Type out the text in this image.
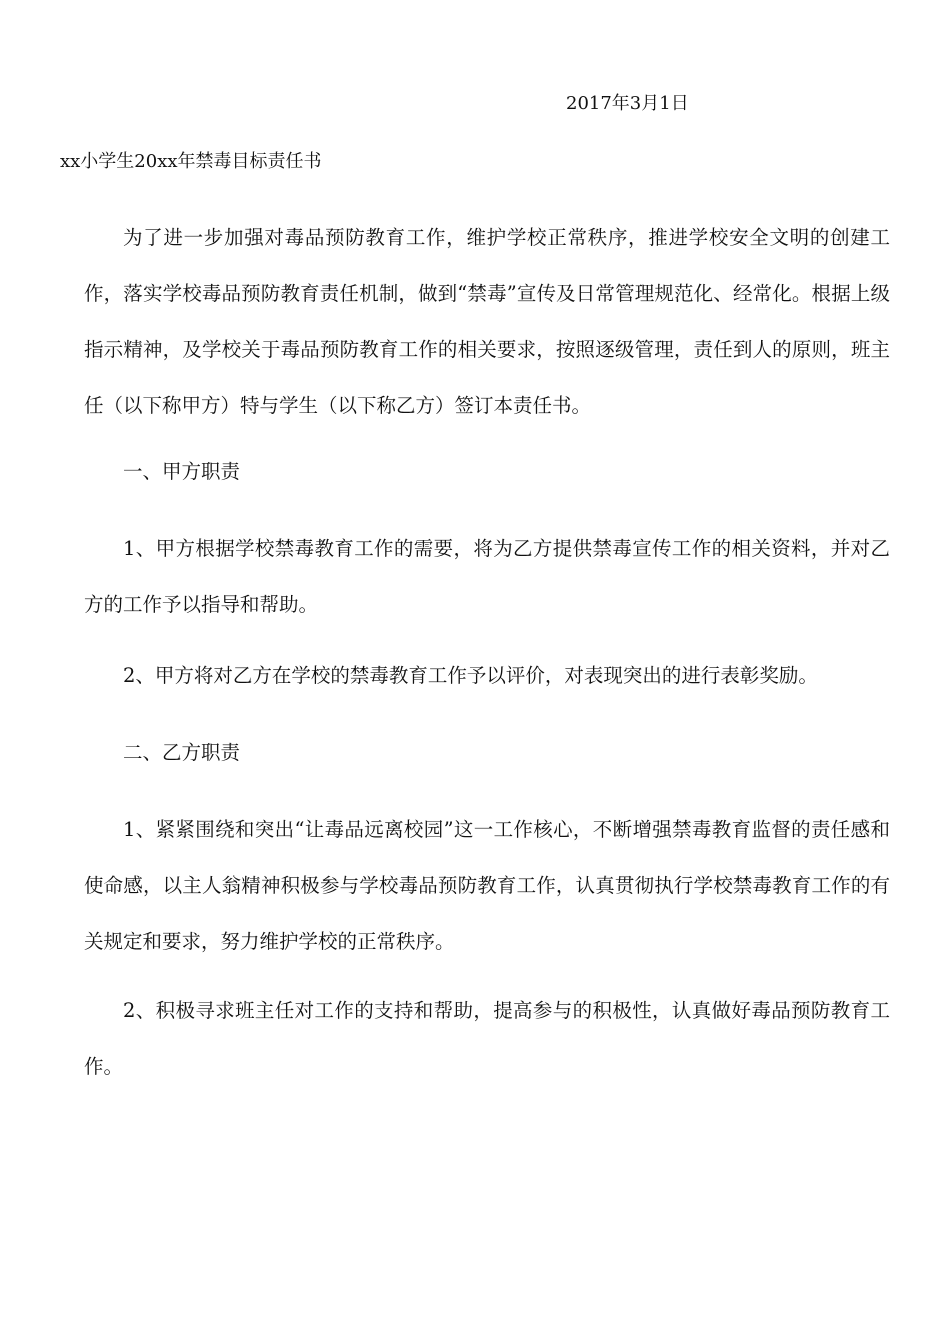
2017年3月1日
xx小学生20xx年禁毒目标责任书

为了进一步加强对毒品预防教育工作，维护学校正常秩序，推进学校安全文明的创建工作，落实学校毒品预防教育责任机制，做到“禁毒”宣传及日常管理规范化、经常化。根据上级指示精神，及学校关于毒品预防教育工作的相关要求，按照逐级管理，责任到人的原则，班主任（以下称甲方）特与学生（以下称乙方）签订本责任书。

一、甲方职责

1、甲方根据学校禁毒教育工作的需要，将为乙方提供禁毒宣传工作的相关资料，并对乙方的工作予以指导和帮助。

2、甲方将对乙方在学校的禁毒教育工作予以评价，对表现突出的进行表彰奖励。

二、乙方职责

1、紧紧围绕和突出“让毒品远离校园”这一工作核心，不断增强禁毒教育监督的责任感和使命感，以主人翁精神积极参与学校毒品预防教育工作，认真贯彻执行学校禁毒教育工作的有关规定和要求，努力维护学校的正常秩序。

2、积极寻求班主任对工作的支持和帮助，提高参与的积极性，认真做好毒品预防教育工作。
